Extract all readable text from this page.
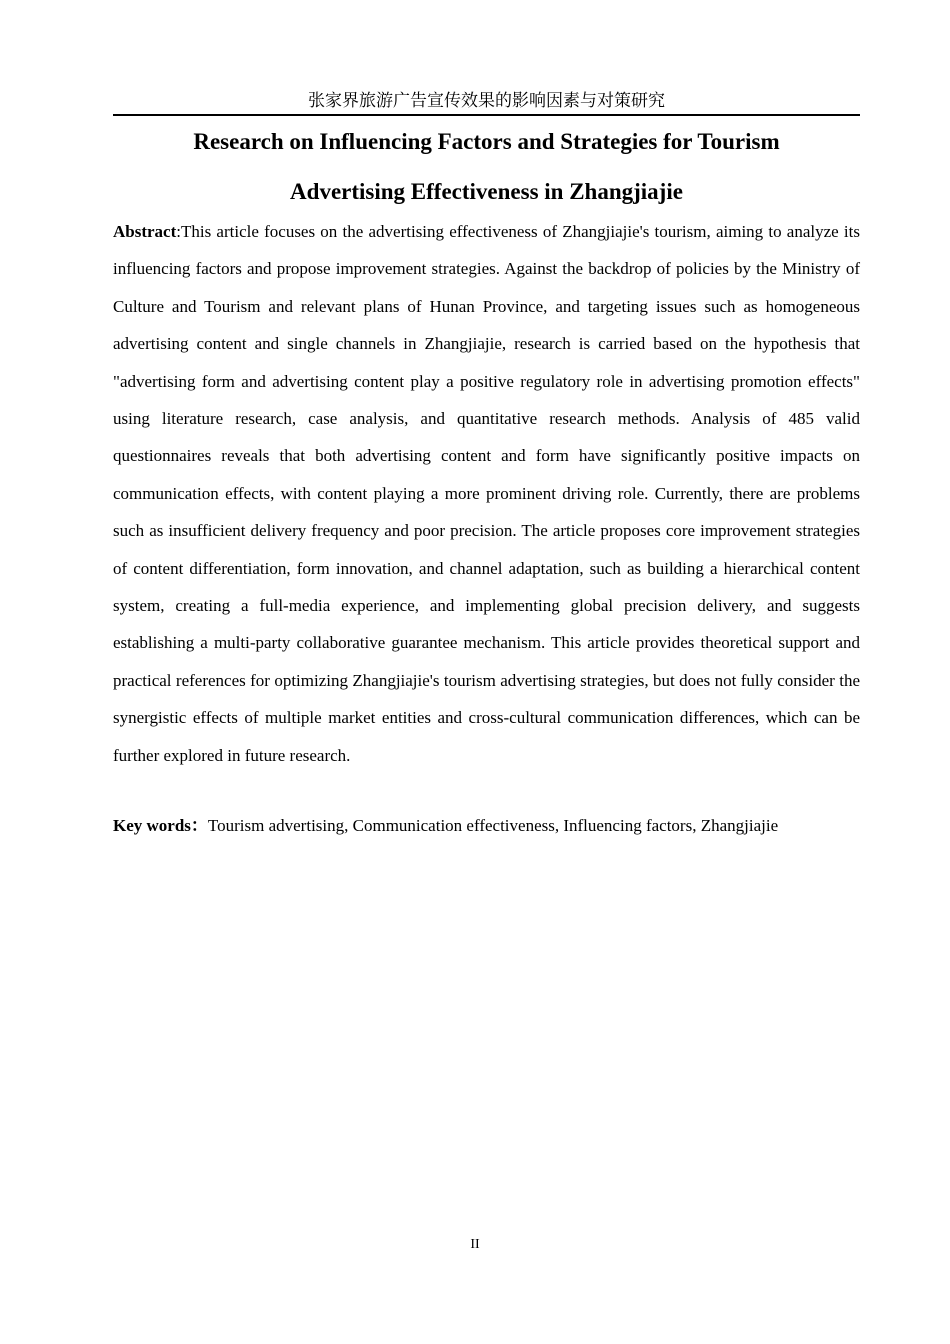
张家界旅游广告宣传效果的影响因素与对策研究
Research on Influencing Factors and Strategies for Tourism
Advertising Effectiveness in Zhangjiajie

Abstract:This article focuses on the advertising effectiveness of Zhangjiajie's tourism, aiming to analyze its influencing factors and propose improvement strategies. Against the backdrop of policies by the Ministry of Culture and Tourism and relevant plans of Hunan Province, and targeting issues such as homogeneous advertising content and single channels in Zhangjiajie, research is carried based on the hypothesis that "advertising form and advertising content play a positive regulatory role in advertising promotion effects" using literature research, case analysis, and quantitative research methods. Analysis of 485 valid questionnaires reveals that both advertising content and form have significantly positive impacts on communication effects, with content playing a more prominent driving role. Currently, there are problems such as insufficient delivery frequency and poor precision. The article proposes core improvement strategies of content differentiation, form innovation, and channel adaptation, such as building a hierarchical content system, creating a full-media experience, and implementing global precision delivery, and suggests establishing a multi-party collaborative guarantee mechanism. This article provides theoretical support and practical references for optimizing Zhangjiajie's tourism advertising strategies, but does not fully consider the synergistic effects of multiple market entities and cross-cultural communication differences, which can be further explored in future research.

Key words：Tourism advertising, Communication effectiveness, Influencing factors, Zhangjiajie

II
